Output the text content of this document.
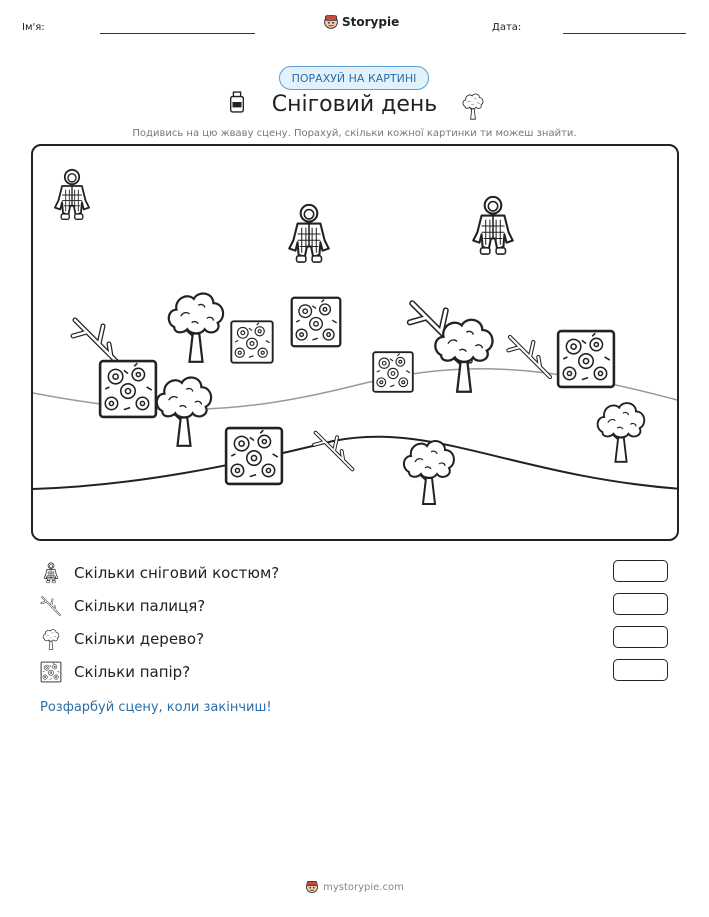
Ім'я:	Storypie	Дата:
ПОРАХУЙ НА КАРТИНІ
Сніговий день
Подивись на цю жваву сцену. Порахуй, скільки кожної картинки ти можеш знайти.
Скільки сніговий костюм?
Скільки палиця?
Скільки дерево?
Скільки папір?
Розфарбуй сцену, коли закінчиш!
mystorypie.com
